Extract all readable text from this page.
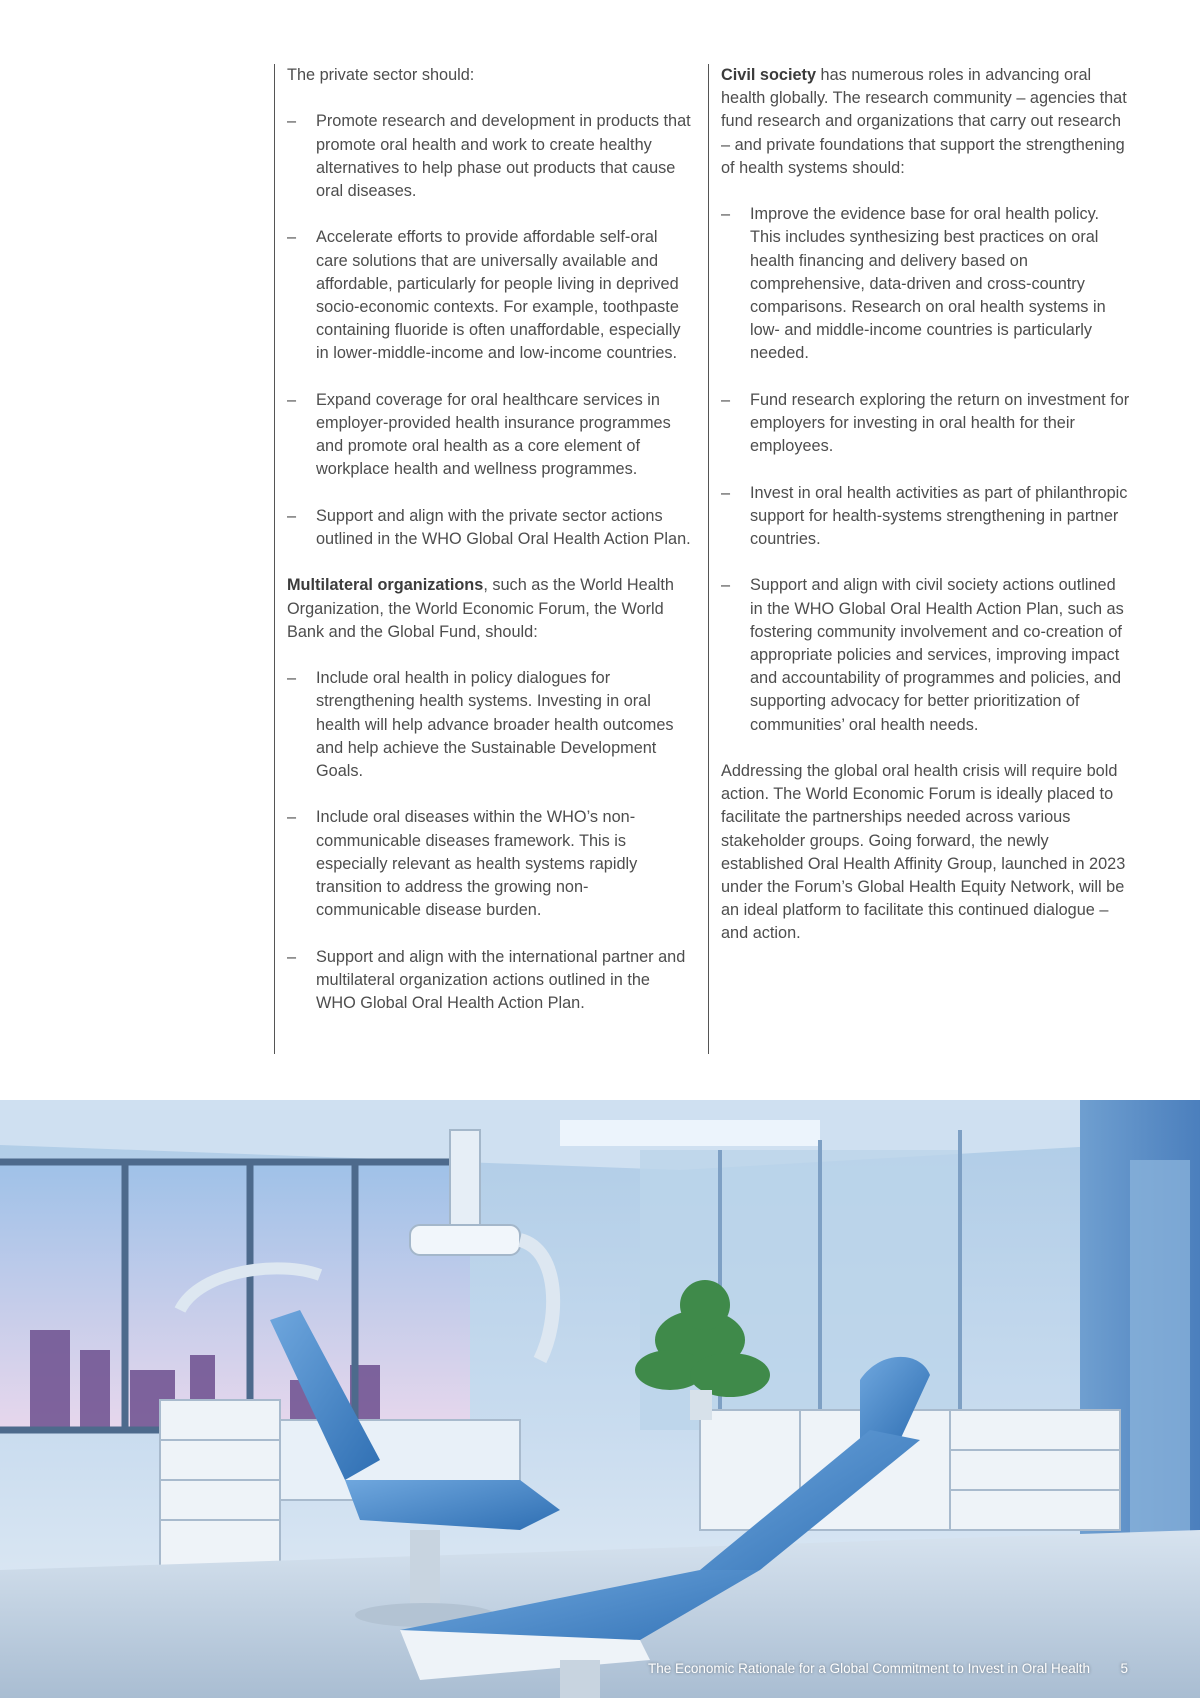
The private sector should:

– Promote research and development in products that promote oral health and work to create healthy alternatives to help phase out products that cause oral diseases.
– Accelerate efforts to provide affordable self-oral care solutions that are universally available and affordable, particularly for people living in deprived socio-economic contexts. For example, toothpaste containing fluoride is often unaffordable, especially in lower-middle-income and low-income countries.
– Expand coverage for oral healthcare services in employer-provided health insurance programmes and promote oral health as a core element of workplace health and wellness programmes.
– Support and align with the private sector actions outlined in the WHO Global Oral Health Action Plan.

Multilateral organizations, such as the World Health Organization, the World Economic Forum, the World Bank and the Global Fund, should:

– Include oral health in policy dialogues for strengthening health systems. Investing in oral health will help advance broader health outcomes and help achieve the Sustainable Development Goals.
– Include oral diseases within the WHO’s non-communicable diseases framework. This is especially relevant as health systems rapidly transition to address the growing non-communicable disease burden.
– Support and align with the international partner and multilateral organization actions outlined in the WHO Global Oral Health Action Plan.

Civil society has numerous roles in advancing oral health globally. The research community – agencies that fund research and organizations that carry out research – and private foundations that support the strengthening of health systems should:

– Improve the evidence base for oral health policy. This includes synthesizing best practices on oral health financing and delivery based on comprehensive, data-driven and cross-country comparisons. Research on oral health systems in low- and middle-income countries is particularly needed.
– Fund research exploring the return on investment for employers for investing in oral health for their employees.
– Invest in oral health activities as part of philanthropic support for health-systems strengthening in partner countries.
– Support and align with civil society actions outlined in the WHO Global Oral Health Action Plan, such as fostering community involvement and co-creation of appropriate policies and services, improving impact and accountability of programmes and policies, and supporting advocacy for better prioritization of communities’ oral health needs.

Addressing the global oral health crisis will require bold action. The World Economic Forum is ideally placed to facilitate the partnerships needed across various stakeholder groups. Going forward, the newly established Oral Health Affinity Group, launched in 2023 under the Forum’s Global Health Equity Network, will be an ideal platform to facilitate this continued dialogue – and action.

The Economic Rationale for a Global Commitment to Invest in Oral Health 5
